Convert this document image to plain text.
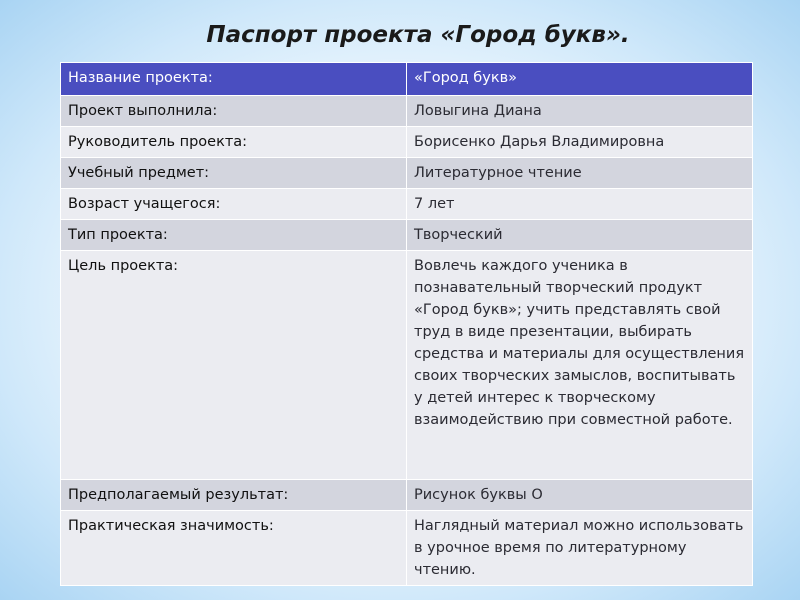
Паспорт проекта «Город букв».
Название проекта:	«Город букв»
Проект выполнила:	Ловыгина Диана
Руководитель проекта:	Борисенко Дарья Владимировна
Учебный предмет:	Литературное чтение
Возраст учащегося:	7 лет
Тип проекта:	Творческий
Цель проекта:	Вовлечь каждого ученика в познавательный творческий продукт «Город букв»; учить представлять свой труд в виде презентации, выбирать средства и материалы для осуществления своих творческих замыслов, воспитывать у детей интерес к творческому взаимодействию при совместной работе.
Предполагаемый результат:	Рисунок буквы О
Практическая значимость:	Наглядный материал можно использовать в урочное время по литературному чтению.
